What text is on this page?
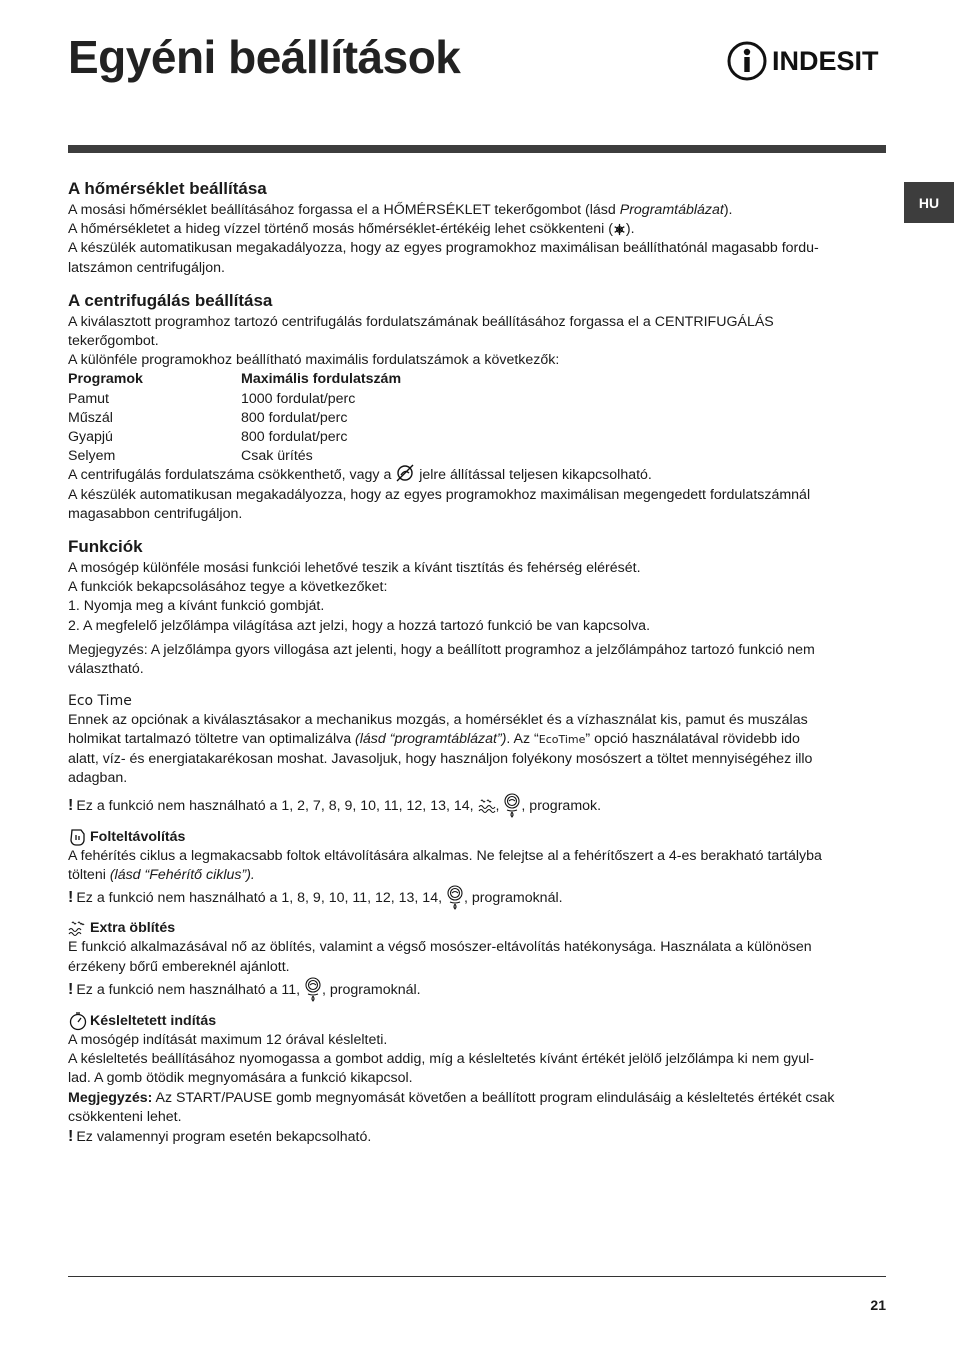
Egyéni beállítások	INDESIT
HU
A hőmérséklet beállítása

A mosási hőmérséklet beállításához forgassa el a HŐMÉRSÉKLET tekerőgombot (lásd Programtáblázat).

A hőmérsékletet a hideg vízzel történő mosás hőmérséklet-értékéig lehet csökkenteni ( ).

A készülék automatikusan megakadályozza, hogy az egyes programokhoz maximálisan beállíthatónál magasabb fordu-

latszámon centrifugáljon.

A centrifugálás beállítása

A kiválasztott programhoz tartozó centrifugálás fordulatszámának beállításához forgassa el a CENTRIFUGÁLÁS

tekerőgombot.

A különféle programokhoz beállítható maximális fordulatszámok a következők:

Programok	Maximális fordulatszám
Pamut	1000 fordulat/perc
Műszál	800 fordulat/perc
Gyapjú	800 fordulat/perc
Selyem	Csak ürítés

A centrifugálás fordulatszáma csökkenthető, vagy a  jelre állítással teljesen kikapcsolható.

A készülék automatikusan megakadályozza, hogy az egyes programokhoz maximálisan megengedett fordulatszámnál

magasabbon centrifugáljon.

Funkciók

A mosógép különféle mosási funkciói lehetővé teszik a kívánt tisztítás és fehérség elérését.

A funkciók bekapcsolásához tegye a következőket:

1. Nyomja meg a kívánt funkció gombját.

2. A megfelelő jelzőlámpa világítása azt jelzi, hogy a hozzá tartozó funkció be van kapcsolva.

Megjegyzés: A jelzőlámpa gyors villogása azt jelenti, hogy a beállított programhoz a jelzőlámpához tartozó funkció nem

választható.

Eco Time

Ennek az opciónak a kiválasztásakor a mechanikus mozgás, a homérséklet és a vízhasználat kis, pamut és muszálas

holmikat tartalmazó töltetre van optimalizálva (lásd “programtáblázat”). Az “EcoTime” opció használatával rövidebb ido

alatt, víz- és energiatakarékosan moshat. Javasoljuk, hogy használjon folyékony mosószert a töltet mennyiségéhez illo

adagban.

! Ez a funkció nem használható a 1, 2, 7, 8, 9, 10, 11, 12, 13, 14, , , programok.

Folteltávolítás

A fehérítés ciklus a legmakacsabb foltok eltávolítására alkalmas. Ne felejtse al a fehérítőszert a 4-es berakható tartályba

tölteni (lásd “Fehérítő ciklus”).

! Ez a funkció nem használható a 1, 8, 9, 10, 11, 12, 13, 14, , programoknál.

Extra öblítés

E funkció alkalmazásával nő az öblítés, valamint a végső mosószer-eltávolítás hatékonysága. Használata a különösen

érzékeny bőrű embereknél ajánlott.

! Ez a funkció nem használható a 11, , programoknál.

Késleltetett indítás

A mosógép indítását maximum 12 órával késlelteti.

A késleltetés beállításához nyomogassa a gombot addig, míg a késleltetés kívánt értékét jelölő jelzőlámpa ki nem gyul-

lad. A gomb ötödik megnyomására a funkció kikapcsol.

Megjegyzés: Az START/PAUSE gomb megnyomását követően a beállított program elindulásáig a késleltetés értékét csak

csökkenteni lehet.

! Ez valamennyi program esetén bekapcsolható.

21
